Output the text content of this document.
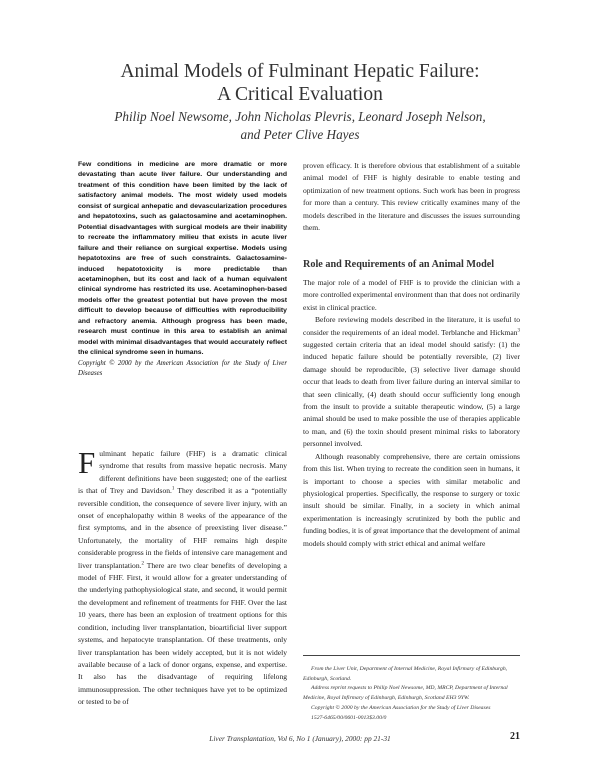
Animal Models of Fulminant Hepatic Failure:
A Critical Evaluation
Philip Noel Newsome, John Nicholas Plevris, Leonard Joseph Nelson,
and Peter Clive Hayes
Few conditions in medicine are more dramatic or more devastating than acute liver failure. Our understanding and treatment of this condition have been limited by the lack of satisfactory animal models. The most widely used models consist of surgical anhepatic and devascularization procedures and hepatotoxins, such as galactosamine and acetaminophen. Potential disadvantages with surgical models are their inability to recreate the inflammatory milieu that exists in acute liver failure and their reliance on surgical expertise. Models using hepatotoxins are free of such constraints. Galactosamine-induced hepatotoxicity is more predictable than acetaminophen, but its cost and lack of a human equivalent clinical syndrome has restricted its use. Acetaminophen-based models offer the greatest potential but have proven the most difficult to develop because of difficulties with reproducibility and refractory anemia. Although progress has been made, research must continue in this area to establish an animal model with minimal disadvantages that would accurately reflect the clinical syndrome seen in humans.
Copyright © 2000 by the American Association for the Study of Liver Diseases

Fulminant hepatic failure (FHF) is a dramatic clinical syndrome that results from massive hepatic necrosis. Many different definitions have been suggested; one of the earliest is that of Trey and Davidson.$^1$ They described it as a “potentially reversible condition, the consequence of severe liver injury, with an onset of encephalopathy within 8 weeks of the appearance of the first symptoms, and in the absence of preexisting liver disease.” Unfortunately, the mortality of FHF remains high despite considerable progress in the fields of intensive care management and liver transplantation.$^2$ There are two clear benefits of developing a model of FHF. First, it would allow for a greater understanding of the underlying pathophysiological state, and second, it would permit the development and refinement of treatments for FHF. Over the last 10 years, there has been an explosion of treatment options for this condition, including liver transplantation, bioartificial liver support systems, and hepatocyte transplantation. Of these treatments, only liver transplantation has been widely accepted, but it is not widely available because of a lack of donor organs, expense, and expertise. It also has the disadvantage of requiring lifelong immunosuppression. The other techniques have yet to be optimized or tested to be of

proven efficacy. It is therefore obvious that establishment of a suitable animal model of FHF is highly desirable to enable testing and optimization of new treatment options. Such work has been in progress for more than a century. This review critically examines many of the models described in the literature and discusses the issues surrounding them.

Role and Requirements of an Animal Model

The major role of a model of FHF is to provide the clinician with a more controlled experimental environment than that does not ordinarily exist in clinical practice.

Before reviewing models described in the literature, it is useful to consider the requirements of an ideal model. Terblanche and Hickman$^3$ suggested certain criteria that an ideal model should satisfy: (1) the induced hepatic failure should be potentially reversible, (2) liver damage should be reproducible, (3) selective liver damage should occur that leads to death from liver failure during an interval similar to that seen clinically, (4) death should occur sufficiently long enough from the insult to provide a suitable therapeutic window, (5) a large animal should be used to make possible the use of therapies applicable to man, and (6) the toxin should present minimal risks to laboratory personnel involved.

Although reasonably comprehensive, there are certain omissions from this list. When trying to recreate the condition seen in humans, it is important to choose a species with similar metabolic and physiological properties. Specifically, the response to surgery or toxic insult should be similar. Finally, in a society in which animal experimentation is increasingly scrutinized by both the public and funding bodies, it is of great importance that the development of animal models should comply with strict ethical and animal welfare

From the Liver Unit, Department of Internal Medicine, Royal Infirmary of Edinburgh, Edinburgh, Scotland.

Address reprint requests to Philip Noel Newsome, MD, MRCP, Department of Internal Medicine, Royal Infirmary of Edinburgh, Edinburgh, Scotland EH3 9YW.

Copyright © 2000 by the American Association for the Study of Liver Diseases

1527-6465/00/0601-0013$3.00/0

Liver Transplantation, Vol 6, No 1 (January), 2000: pp 21-31	21
